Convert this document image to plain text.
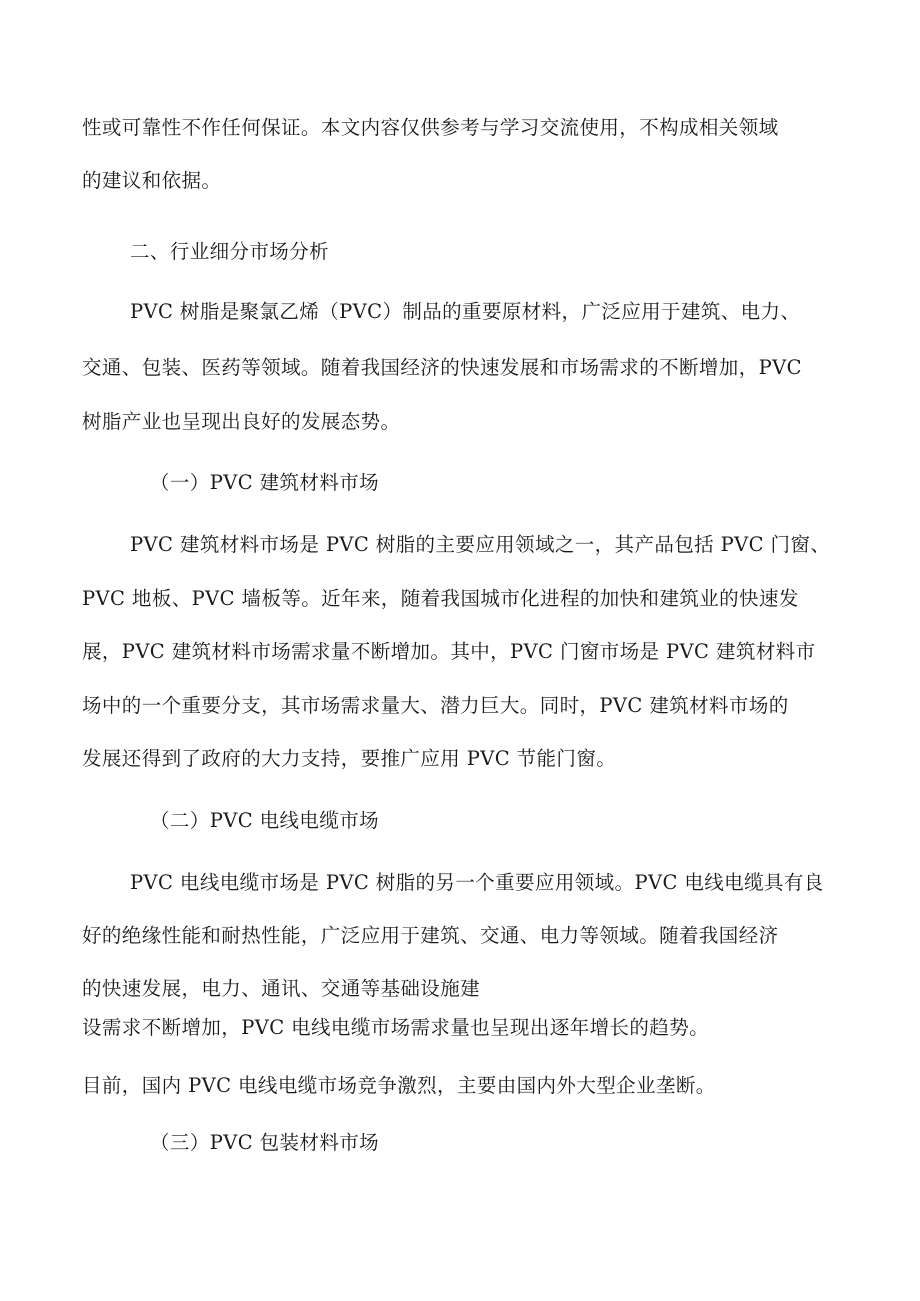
性或可靠性不作任何保证。本文内容仅供参考与学习交流使用，不构成相关领域
的建议和依据。
二、行业细分市场分析
PVC 树脂是聚氯乙烯（PVC）制品的重要原材料，广泛应用于建筑、电力、
交通、包装、医药等领域。随着我国经济的快速发展和市场需求的不断增加，PVC
树脂产业也呈现出良好的发展态势。
（一）PVC 建筑材料市场
PVC 建筑材料市场是 PVC 树脂的主要应用领域之一，其产品包括 PVC 门窗、
PVC 地板、PVC 墙板等。近年来，随着我国城市化进程的加快和建筑业的快速发
展，PVC 建筑材料市场需求量不断增加。其中，PVC 门窗市场是 PVC 建筑材料市
场中的一个重要分支，其市场需求量大、潜力巨大。同时，PVC 建筑材料市场的
发展还得到了政府的大力支持，要推广应用 PVC 节能门窗。
（二）PVC 电线电缆市场
PVC 电线电缆市场是 PVC 树脂的另一个重要应用领域。PVC 电线电缆具有良
好的绝缘性能和耐热性能，广泛应用于建筑、交通、电力等领域。随着我国经济
的快速发展，电力、通讯、交通等基础设施建
设需求不断增加，PVC 电线电缆市场需求量也呈现出逐年增长的趋势。
目前，国内 PVC 电线电缆市场竞争激烈，主要由国内外大型企业垄断。
（三）PVC 包装材料市场
